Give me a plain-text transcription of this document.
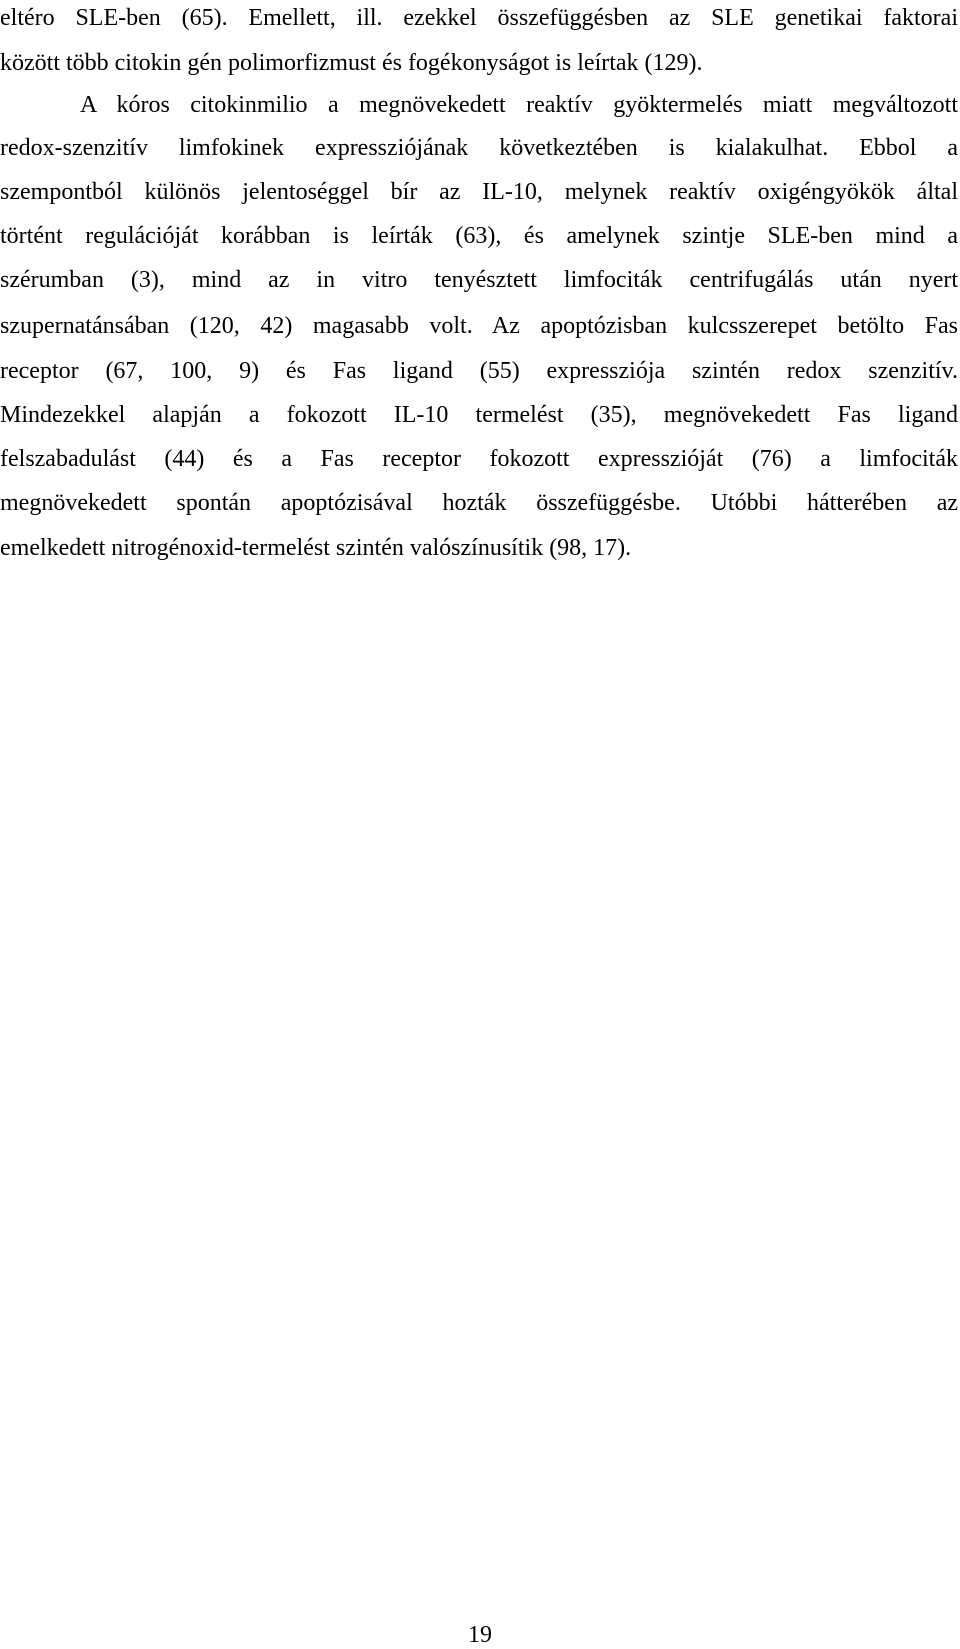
eltéro SLE-ben (65). Emellett, ill. ezekkel összefüggésben az SLE genetikai faktorai
között több citokin gén polimorfizmust és fogékonyságot is leírtak (129).
A kóros citokinmilio a megnövekedett reaktív gyöktermelés miatt megváltozott
redox-szenzitív limfokinek expressziójának következtében is kialakulhat. Ebbol a
szempontból különös jelentoséggel bír az IL-10, melynek reaktív oxigéngyökök által
történt regulációját korábban is leírták (63), és amelynek szintje SLE-ben mind a
szérumban (3), mind az in vitro tenyésztett limfociták centrifugálás után nyert
szupernatánsában (120, 42) magasabb volt. Az apoptózisban kulcsszerepet betölto Fas
receptor (67, 100, 9) és Fas ligand (55) expressziója szintén redox szenzitív.
Mindezekkel alapján a fokozott IL-10 termelést (35), megnövekedett Fas ligand
felszabadulást (44) és a Fas receptor fokozott expresszióját (76) a limfociták
megnövekedett spontán apoptózisával hozták összefüggésbe. Utóbbi hátterében az
emelkedett nitrogénoxid-termelést szintén valószínusítik (98, 17).
19
